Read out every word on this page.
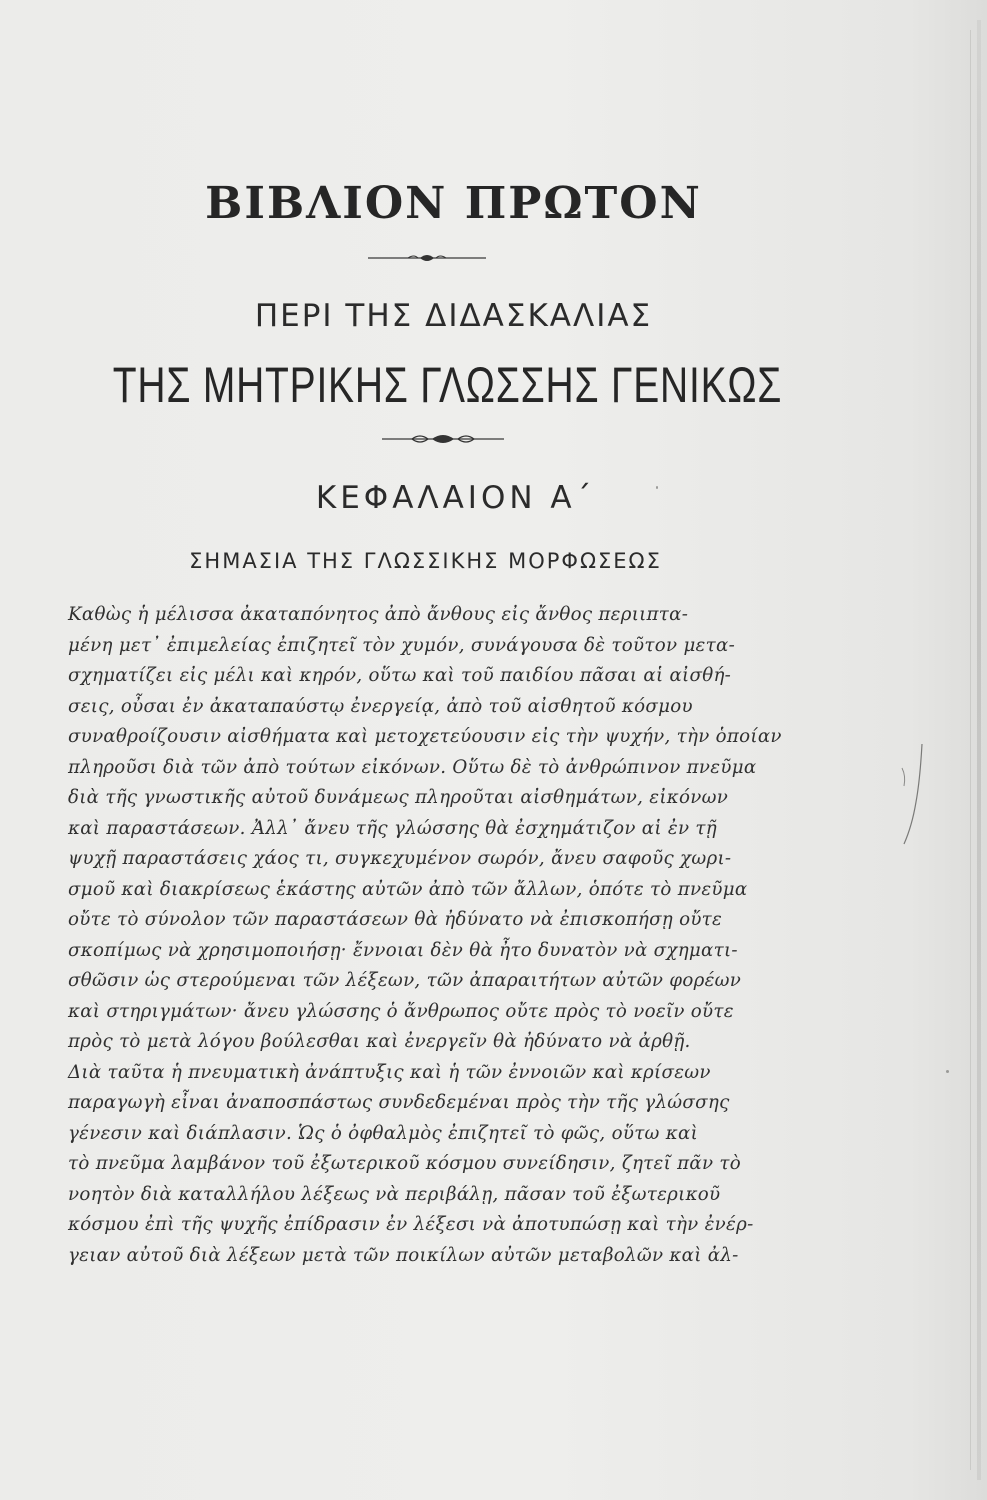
ΒΙΒΛΙΟΝ ΠΡΩΤΟΝ
ΠΕΡΙ ΤΗΣ ΔΙΔΑΣΚΑΛΙΑΣ
ΤΗΣ ΜΗΤΡΙΚΗΣ ΓΛΩΣΣΗΣ ΓΕΝΙΚΩΣ
ΚΕΦΑΛΑΙΟΝ Α΄
ΣΗΜΑΣΙΑ ΤΗΣ ΓΛΩΣΣΙΚΗΣ ΜΟΡΦΩΣΕΩΣ
Καθὼς ἡ μέλισσα ἀκαταπόνητος ἀπὸ ἄνθους εἰς ἄνθος περιιπτα-
μένη μετ᾽ ἐπιμελείας ἐπιζητεῖ τὸν χυμόν, συνάγουσα δὲ τοῦτον μετα-
σχηματίζει εἰς μέλι καὶ κηρόν, οὕτω καὶ τοῦ παιδίου πᾶσαι αἱ αἰσθή-
σεις, οὖσαι ἐν ἀκαταπαύστῳ ἐνεργείᾳ, ἀπὸ τοῦ αἰσθητοῦ κόσμου
συναθροίζουσιν αἰσθήματα καὶ μετοχετεύουσιν εἰς τὴν ψυχήν, τὴν ὁποίαν
πληροῦσι διὰ τῶν ἀπὸ τούτων εἰκόνων. Οὕτω δὲ τὸ ἀνθρώπινον πνεῦμα
διὰ τῆς γνωστικῆς αὐτοῦ δυνάμεως πληροῦται αἰσθημάτων, εἰκόνων
καὶ παραστάσεων. Ἀλλ᾽ ἄνευ τῆς γλώσσης θὰ ἐσχημάτιζον αἱ ἐν τῇ
ψυχῇ παραστάσεις χάος τι, συγκεχυμένον σωρόν, ἄνευ σαφοῦς χωρι-
σμοῦ καὶ διακρίσεως ἑκάστης αὐτῶν ἀπὸ τῶν ἄλλων, ὁπότε τὸ πνεῦμα
οὔτε τὸ σύνολον τῶν παραστάσεων θὰ ἠδύνατο νὰ ἐπισκοπήσῃ οὔτε
σκοπίμως νὰ χρησιμοποιήσῃ· ἔννοιαι δὲν θὰ ἦτο δυνατὸν νὰ σχηματι-
σθῶσιν ὡς στερούμεναι τῶν λέξεων, τῶν ἀπαραιτήτων αὐτῶν φορέων
καὶ στηριγμάτων· ἄνευ γλώσσης ὁ ἄνθρωπος οὔτε πρὸς τὸ νοεῖν οὔτε
πρὸς τὸ μετὰ λόγου βούλεσθαι καὶ ἐνεργεῖν θὰ ἠδύνατο νὰ ἀρθῇ.
Διὰ ταῦτα ἡ πνευματικὴ ἀνάπτυξις καὶ ἡ τῶν ἐννοιῶν καὶ κρίσεων
παραγωγὴ εἶναι ἀναποσπάστως συνδεδεμέναι πρὸς τὴν τῆς γλώσσης
γένεσιν καὶ διάπλασιν. Ὡς ὁ ὀφθαλμὸς ἐπιζητεῖ τὸ φῶς, οὕτω καὶ
τὸ πνεῦμα λαμβάνον τοῦ ἐξωτερικοῦ κόσμου συνείδησιν, ζητεῖ πᾶν τὸ
νοητὸν διὰ καταλλήλου λέξεως νὰ περιβάλῃ, πᾶσαν τοῦ ἐξωτερικοῦ
κόσμου ἐπὶ τῆς ψυχῆς ἐπίδρασιν ἐν λέξεσι νὰ ἀποτυπώσῃ καὶ τὴν ἐνέρ-
γειαν αὐτοῦ διὰ λέξεων μετὰ τῶν ποικίλων αὐτῶν μεταβολῶν καὶ ἀλ-
